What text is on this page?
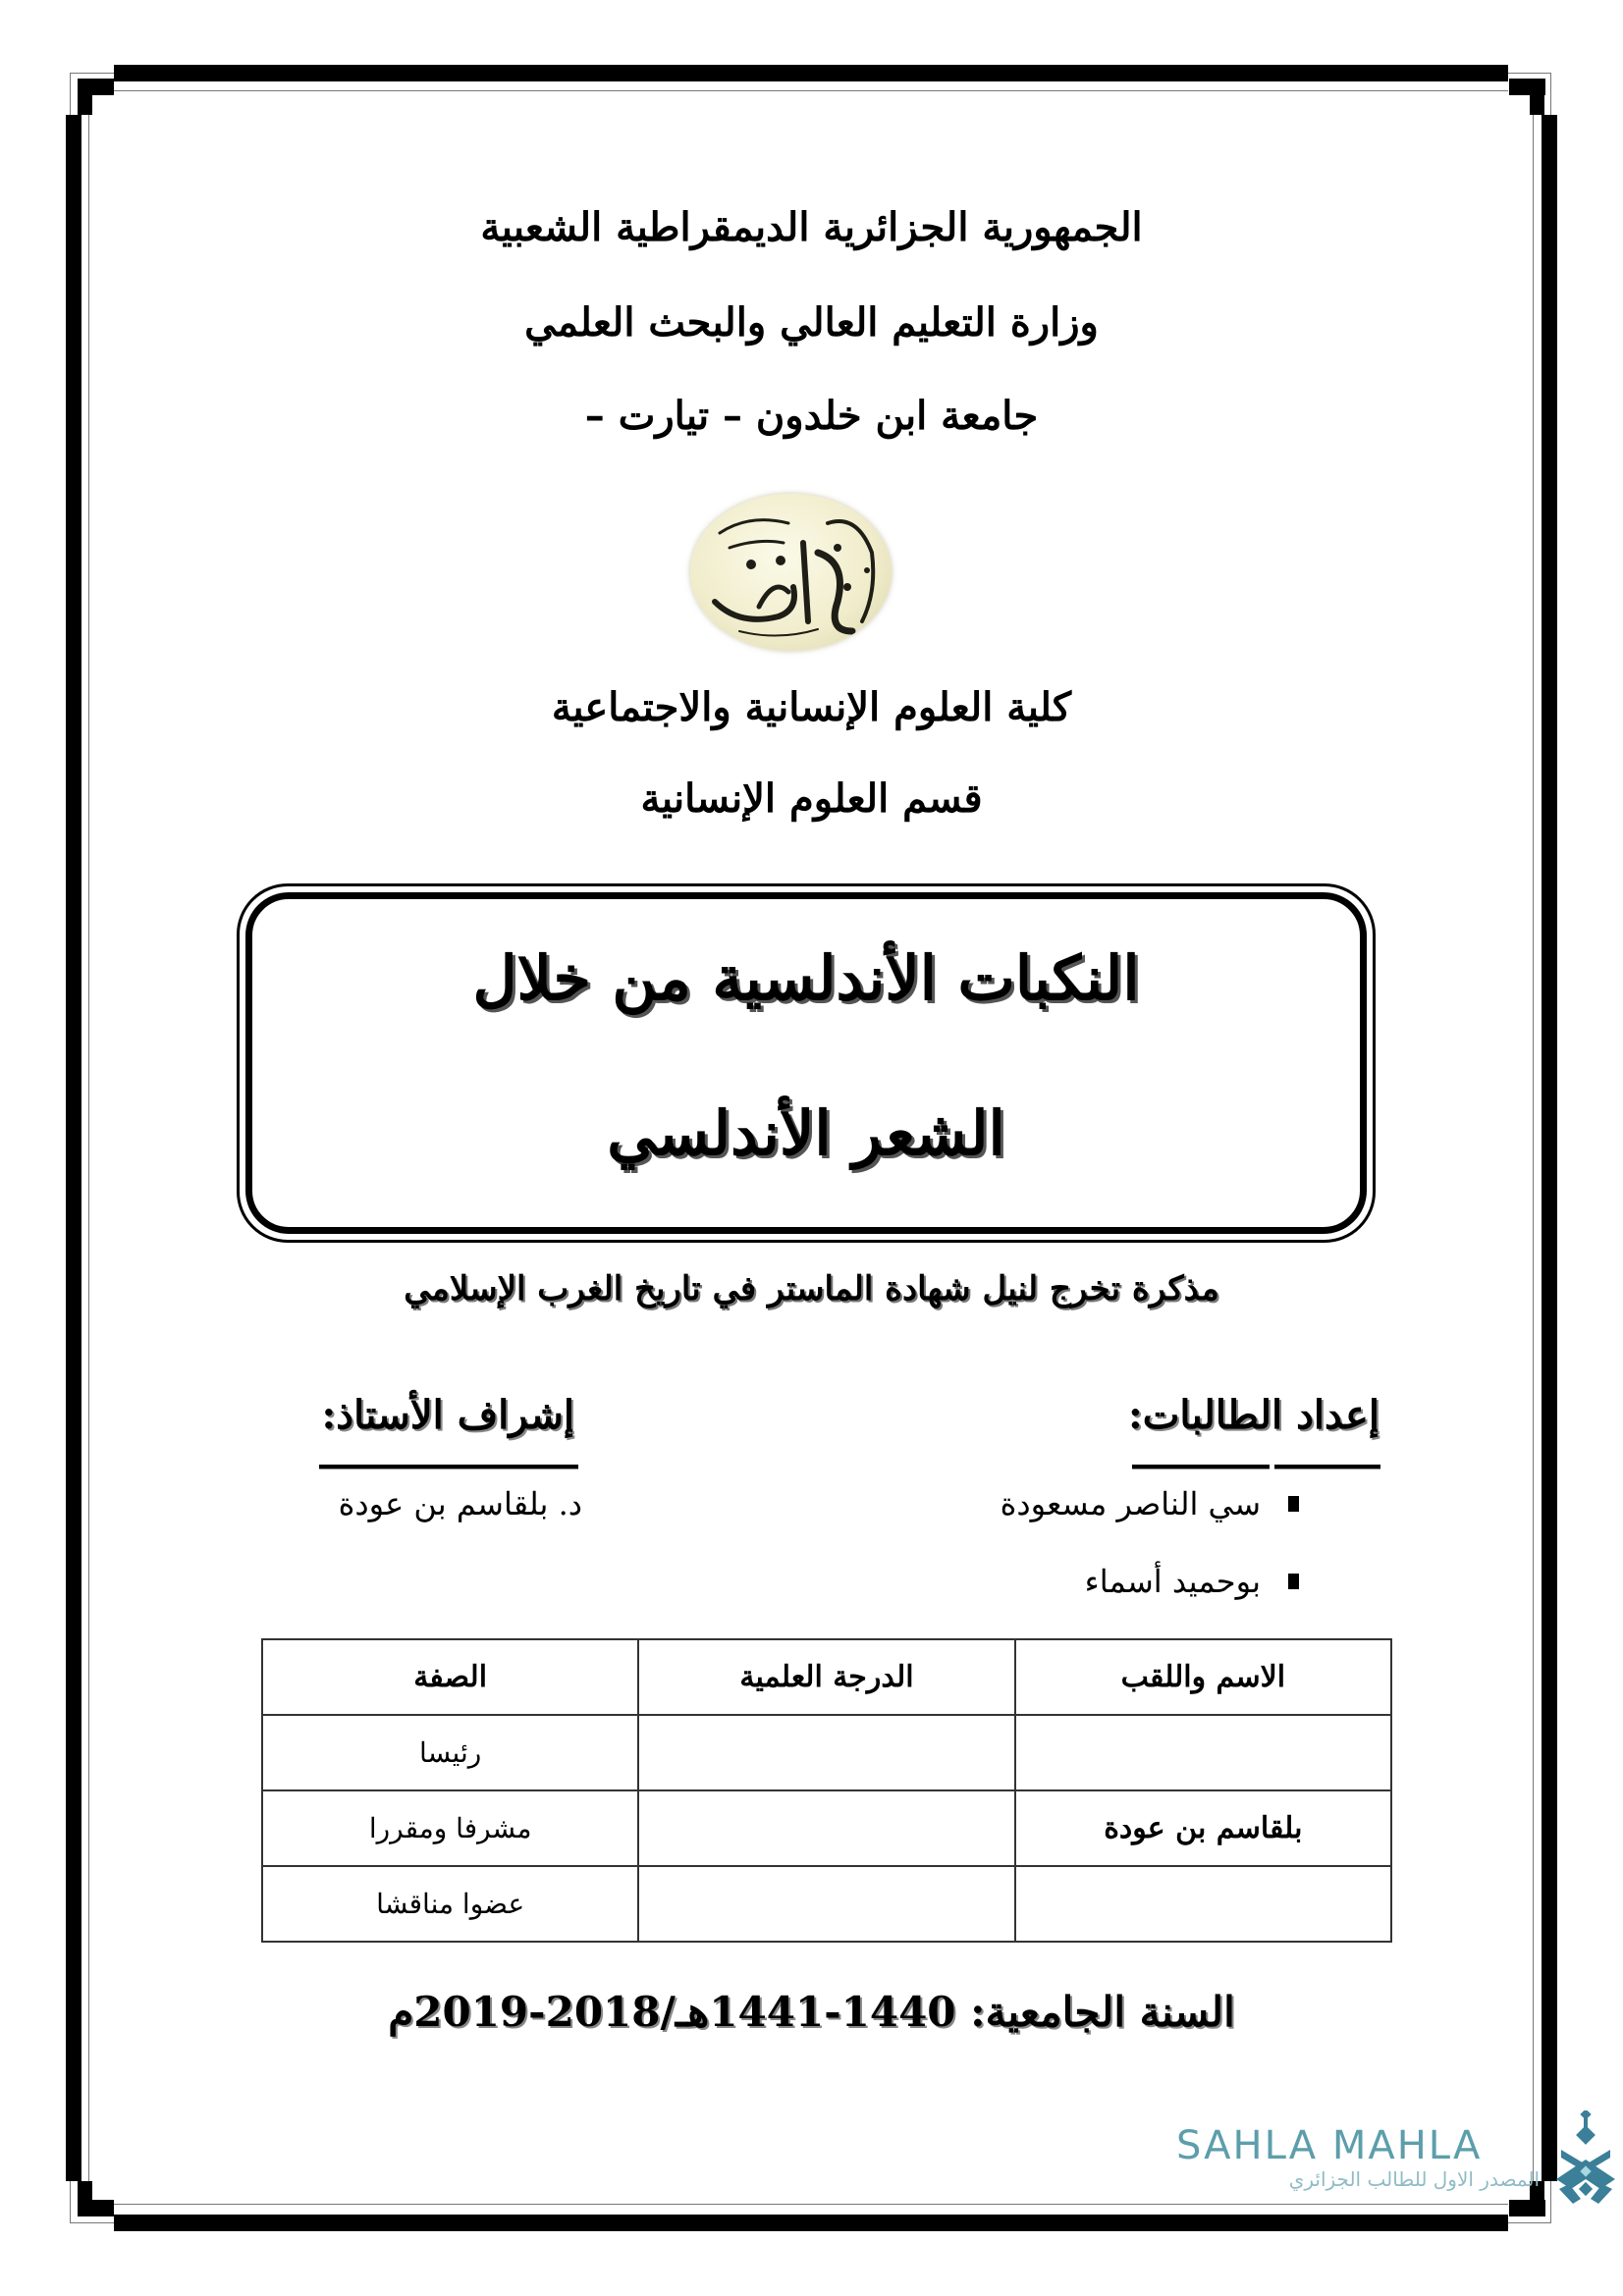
الجمهورية الجزائرية الديمقراطية الشعبية
وزارة التعليم العالي والبحث العلمي
جامعة ابن خلدون – تيارت –
كلية العلوم الإنسانية والاجتماعية
قسم العلوم الإنسانية
النكبات الأندلسية من خلال
الشعر الأندلسي
مذكرة تخرج لنيل شهادة الماستر في تاريخ الغرب الإسلامي
إعداد الطالبات:
إشراف الأستاذ:
سي الناصر مسعودة
بوحميد أسماء
د. بلقاسم بن عودة
الاسم واللقب	الدرجة العلمية	الصفة
		رئيسا
بلقاسم بن عودة		مشرفا ومقررا
		عضوا مناقشا
السنة الجامعية: 1440-1441هـ/2018-2019م
SAHLA MAHLA
المصدر الاول للطالب الجزائري
